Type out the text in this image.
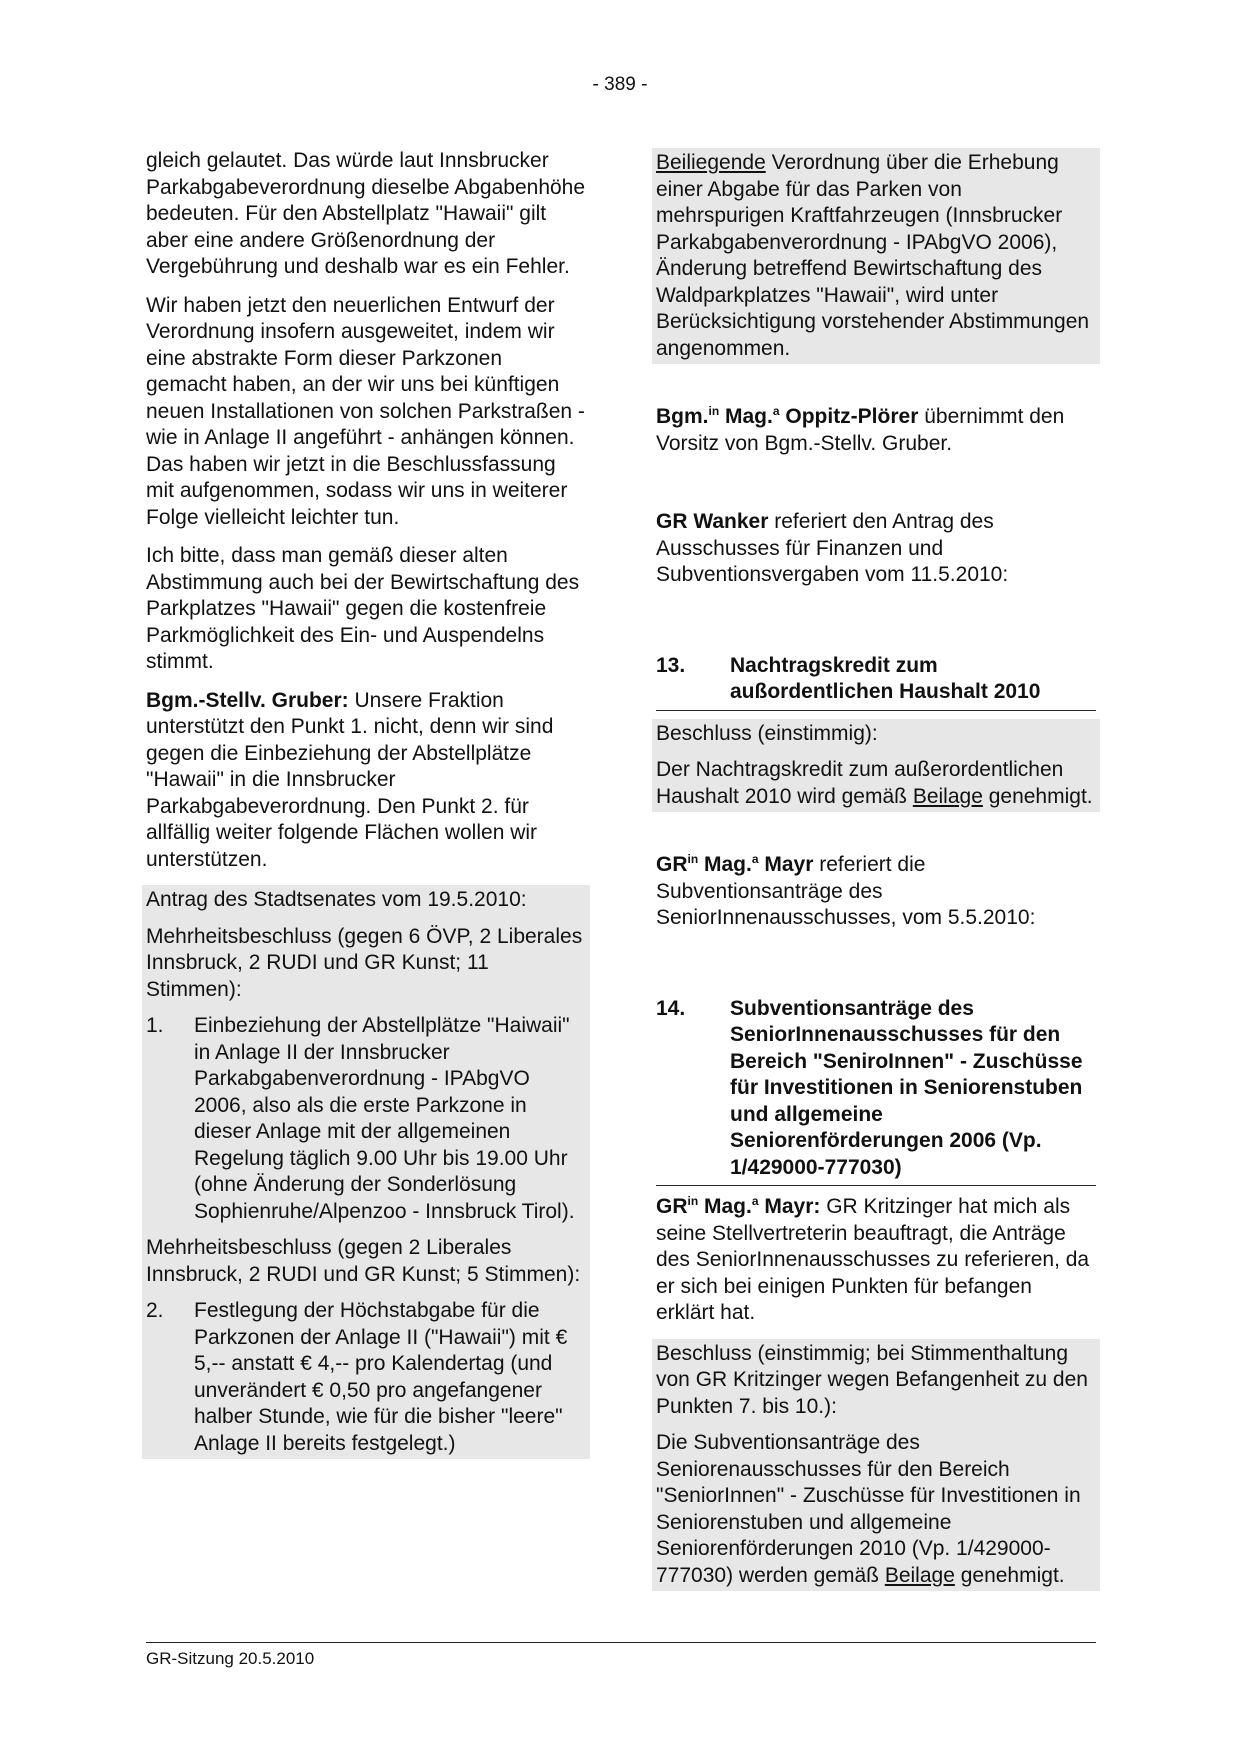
- 389 -

gleich gelautet. Das würde laut Innsbrucker Parkabgabeverordnung dieselbe Abgabenhöhe bedeuten. Für den Abstellplatz "Hawaii" gilt aber eine andere Größenordnung der Vergebührung und deshalb war es ein Fehler.

Wir haben jetzt den neuerlichen Entwurf der Verordnung insofern ausgeweitet, indem wir eine abstrakte Form dieser Parkzonen gemacht haben, an der wir uns bei künftigen neuen Installationen von solchen Parkstraßen - wie in Anlage II angeführt - anhängen können. Das haben wir jetzt in die Beschlussfassung mit aufgenommen, sodass wir uns in weiterer Folge vielleicht leichter tun.

Ich bitte, dass man gemäß dieser alten Abstimmung auch bei der Bewirtschaftung des Parkplatzes "Hawaii" gegen die kostenfreie Parkmöglichkeit des Ein- und Auspendelns stimmt.

Bgm.-Stellv. Gruber: Unsere Fraktion unterstützt den Punkt 1. nicht, denn wir sind gegen die Einbeziehung der Abstellplätze "Hawaii" in die Innsbrucker Parkabgabeverordnung. Den Punkt 2. für allfällig weiter folgende Flächen wollen wir unterstützen.

Antrag des Stadtsenates vom 19.5.2010:

Mehrheitsbeschluss (gegen 6 ÖVP, 2 Liberales Innsbruck, 2 RUDI und GR Kunst; 11 Stimmen):

1.	Einbeziehung der Abstellplätze "Haiwaii" in Anlage II der Innsbrucker Parkabgabenverordnung - IPAbgVO 2006, also als die erste Parkzone in dieser Anlage mit der allgemeinen Regelung täglich 9.00 Uhr bis 19.00 Uhr (ohne Änderung der Sonderlösung Sophienruhe/Alpenzoo - Innsbruck Tirol).

Mehrheitsbeschluss (gegen 2 Liberales Innsbruck, 2 RUDI und GR Kunst; 5 Stimmen):

2.	Festlegung der Höchstabgabe für die Parkzonen der Anlage II ("Hawaii") mit € 5,-- anstatt € 4,-- pro Kalendertag (und unverändert € 0,50 pro angefangener halber Stunde, wie für die bisher "leere" Anlage II bereits festgelegt.)

Beiliegende Verordnung über die Erhebung einer Abgabe für das Parken von mehrspurigen Kraftfahrzeugen (Innsbrucker Parkabgabenverordnung - IPAbgVO 2006), Änderung betreffend Bewirtschaftung des Waldparkplatzes "Hawaii", wird unter Berücksichtigung vorstehender Abstimmungen angenommen.

Bgm.$^{in}$ Mag.$^a$ Oppitz-Plörer übernimmt den Vorsitz von Bgm.-Stellv. Gruber.

GR Wanker referiert den Antrag des Ausschusses für Finanzen und Subventionsvergaben vom 11.5.2010:

13.	Nachtragskredit zum außordentlichen Haushalt 2010

Beschluss (einstimmig):

Der Nachtragskredit zum außerordentlichen Haushalt 2010 wird gemäß Beilage genehmigt.

$GR^{in}$ Mag.$^a$ Mayr referiert die Subventionsanträge des SeniorInnenausschusses, vom 5.5.2010:

14.	Subventionsanträge des SeniorInnenausschusses für den Bereich "SeniroInnen" - Zuschüsse für Investitionen in Seniorenstuben und allgemeine Seniorenförderungen 2006 (Vp. 1/429000-777030)

$GR^{in}$ Mag.$^a$ Mayr: GR Kritzinger hat mich als seine Stellvertreterin beauftragt, die Anträge des SeniorInnenausschusses zu referieren, da er sich bei einigen Punkten für befangen erklärt hat.

Beschluss (einstimmig; bei Stimmenthaltung von GR Kritzinger wegen Befangenheit zu den Punkten 7. bis 10.):

Die Subventionsanträge des Seniorenausschusses für den Bereich "SeniorInnen" - Zuschüsse für Investitionen in Seniorenstuben und allgemeine Seniorenförderungen 2010 (Vp. 1/429000-777030) werden gemäß Beilage genehmigt.

GR-Sitzung 20.5.2010
